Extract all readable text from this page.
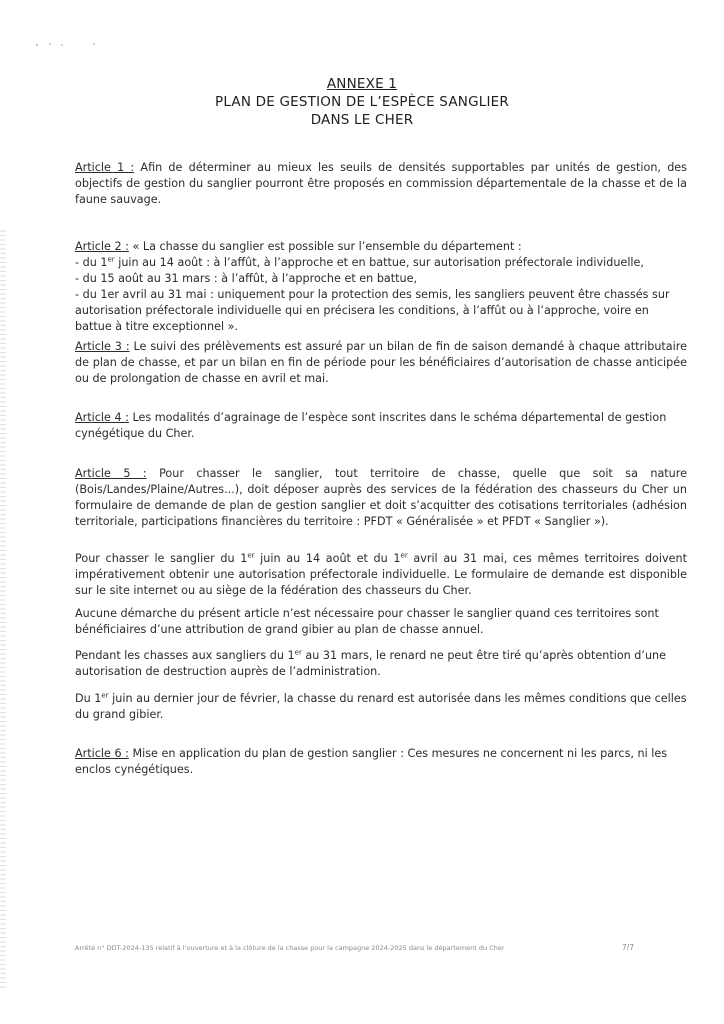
ANNEXE 1
PLAN DE GESTION DE L’ESPÈCE SANGLIER
DANS LE CHER

Article 1 : Afin de déterminer au mieux les seuils de densités supportables par unités de gestion, des objectifs de gestion du sanglier pourront être proposés en commission départementale de la chasse et de la faune sauvage.

Article 2 : « La chasse du sanglier est possible sur l’ensemble du département :

- du 1er juin au 14 août : à l’affût, à l’approche et en battue, sur autorisation préfectorale individuelle,

- du 15 août au 31 mars : à l’affût, à l’approche et en battue,

- du 1er avril au 31 mai : uniquement pour la protection des semis, les sangliers peuvent être chassés sur autorisation préfectorale individuelle qui en précisera les conditions, à l’affût ou à l’approche, voire en battue à titre exceptionnel ».

Article 3 : Le suivi des prélèvements est assuré par un bilan de fin de saison demandé à chaque attributaire de plan de chasse, et par un bilan en fin de période pour les bénéficiaires d’autorisation de chasse anticipée ou de prolongation de chasse en avril et mai.

Article 4 : Les modalités d’agrainage de l’espèce sont inscrites dans le schéma départemental de gestion cynégétique du Cher.

Article 5 : Pour chasser le sanglier, tout territoire de chasse, quelle que soit sa nature (Bois/Landes/Plaine/Autres...), doit déposer auprès des services de la fédération des chasseurs du Cher un formulaire de demande de plan de gestion sanglier et doit s’acquitter des cotisations territoriales (adhésion territoriale, participations financières du territoire : PFDT « Généralisée » et PFDT « Sanglier »).

Pour chasser le sanglier du 1er juin au 14 août et du 1er avril au 31 mai, ces mêmes territoires doivent impérativement obtenir une autorisation préfectorale individuelle. Le formulaire de demande est disponible sur le site internet ou au siège de la fédération des chasseurs du Cher.

Aucune démarche du présent article n’est nécessaire pour chasser le sanglier quand ces territoires sont bénéficiaires d’une attribution de grand gibier au plan de chasse annuel.

Pendant les chasses aux sangliers du 1er au 31 mars, le renard ne peut être tiré qu’après obtention d’une autorisation de destruction auprès de l’administration.

Du 1er juin au dernier jour de février, la chasse du renard est autorisée dans les mêmes conditions que celles du grand gibier.

Article 6 : Mise en application du plan de gestion sanglier : Ces mesures ne concernent ni les parcs, ni les enclos cynégétiques.

Arrêté n° DDT-2024-135 relatif à l’ouverture et à la clôture de la chasse pour la campagne 2024-2025 dans le département du Cher	7/7
